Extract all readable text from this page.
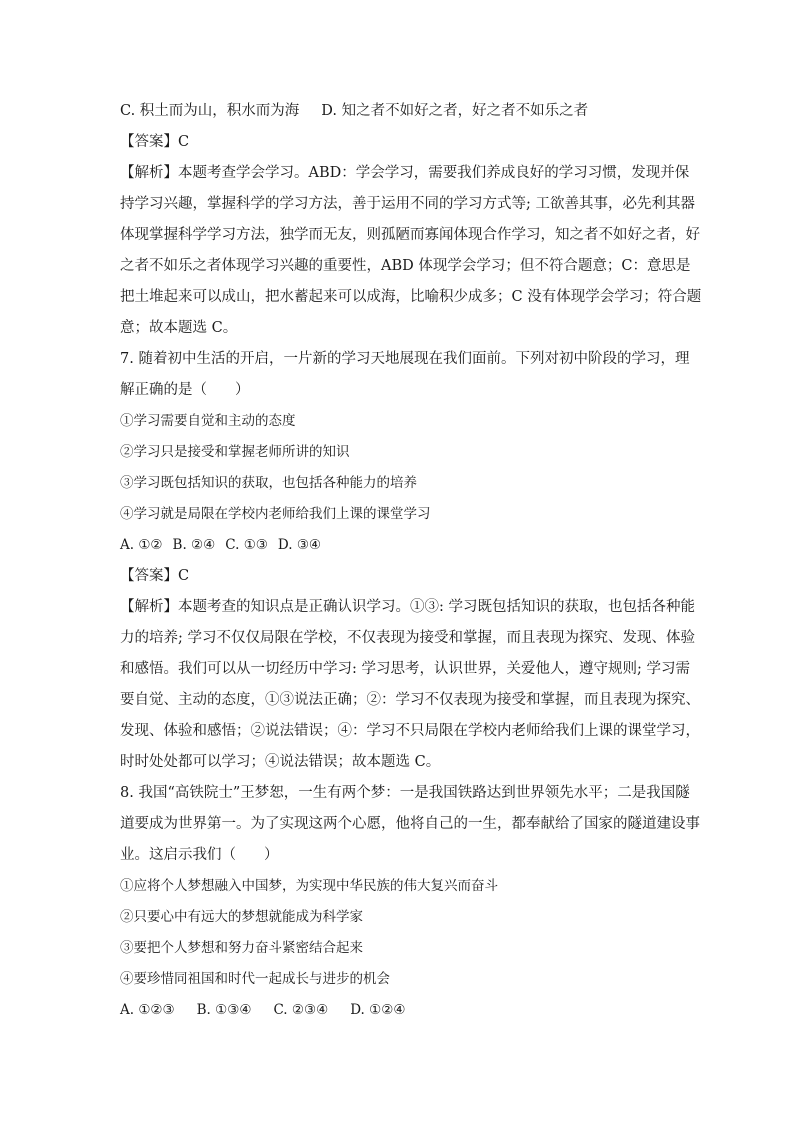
C. 积土而为山，积水而为海 D. 知之者不如好之者，好之者不如乐之者

【答案】C

【解析】本题考查学会学习。ABD：学会学习，需要我们养成良好的学习习惯，发现并保

持学习兴趣，掌握科学的学习方法，善于运用不同的学习方式等; 工欲善其事，必先利其器

体现掌握科学学习方法，独学而无友，则孤陋而寡闻体现合作学习，知之者不如好之者，好

之者不如乐之者体现学习兴趣的重要性，ABD 体现学会学习；但不符合题意；C：意思是

把土堆起来可以成山，把水蓄起来可以成海，比喻积少成多；C 没有体现学会学习；符合题

意；故本题选 C。

7. 随着初中生活的开启，一片新的学习天地展现在我们面前。下列对初中阶段的学习，理

解正确的是（ ）

①学习需要自觉和主动的态度

②学习只是接受和掌握老师所讲的知识

③学习既包括知识的获取，也包括各种能力的培养

④学习就是局限在学校内老师给我们上课的课堂学习

A. ①② B. ②④ C. ①③ D. ③④

【答案】C

【解析】本题考查的知识点是正确认识学习。①③: 学习既包括知识的获取，也包括各种能

力的培养; 学习不仅仅局限在学校，不仅表现为接受和掌握，而且表现为探究、发现、体验

和感悟。我们可以从一切经历中学习: 学习思考，认识世界，关爱他人，遵守规则; 学习需

要自觉、主动的态度，①③说法正确；②：学习不仅表现为接受和掌握，而且表现为探究、

发现、体验和感悟；②说法错误；④：学习不只局限在学校内老师给我们上课的课堂学习，

时时处处都可以学习；④说法错误；故本题选 C。

8. 我国“高铁院士”王梦恕，一生有两个梦：一是我国铁路达到世界领先水平；二是我国隧

道要成为世界第一。为了实现这两个心愿，他将自己的一生，都奉献给了国家的隧道建设事

业。这启示我们（ ）

①应将个人梦想融入中国梦，为实现中华民族的伟大复兴而奋斗

②只要心中有远大的梦想就能成为科学家

③要把个人梦想和努力奋斗紧密结合起来

④要珍惜同祖国和时代一起成长与进步的机会

A. ①②③ B. ①③④ C. ②③④ D. ①②④
